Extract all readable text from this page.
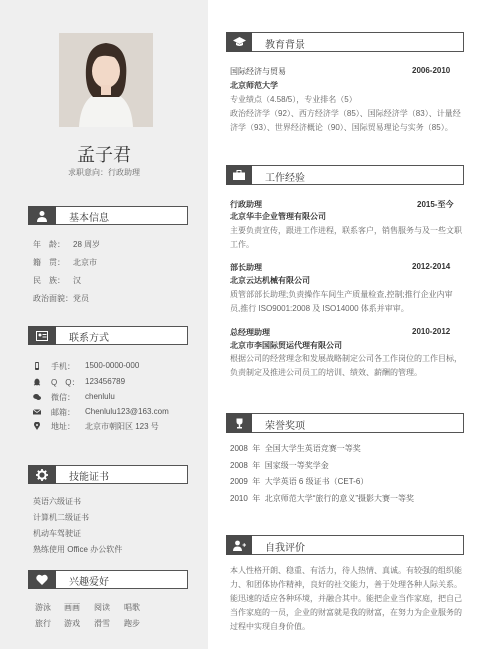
孟子君
求职意向：行政助理
基本信息
年　龄： 28 周岁
籍　贯： 北京市
民　族： 汉
政治面貌： 党员
联系方式
手机： 1500-0000-000
Q　Q： 123456789
微信： chenlulu
邮箱： Chenlulu123@163.com
地址： 北京市朝阳区 123 号
技能证书
英语六级证书
计算机二级证书
机动车驾驶证
熟练使用 Office 办公软件
兴趣爱好
游泳 画画 阅读 唱歌
旅行 游戏 滑雪 跑步
教育背景
国际经济与贸易	2006-2010
北京师范大学
专业绩点（4.58/5），专业排名（5）
政治经济学（92）、西方经济学（85）、国际经济学（83）、计量经济学（93）、世界经济概论（90）、国际贸易理论与实务（85）。
工作经验
行政助理	2015-至今
北京华丰企业管理有限公司
主要负责宣传，跟进工作进程，联系客户，销售服务与及一些文职工作。
部长助理	2012-2014
北京云达机械有限公司
质管部部长助理;负责操作车间生产质量检查,控制;推行企业内审员,推行 ISO9001:2008 及 ISO14000 体系并审审。
总经理助理	2010-2012
北京市李国际贸运代理有限公司
根据公司的经营理念和发展战略制定公司各工作岗位的工作目标，负责制定及推进公司员工的培训、绩效、薪酬的管理。
荣誉奖项
2008 年 全国大学生英语竞赛一等奖
2008 年 国家级一等奖学金
2009 年 大学英语 6 级证书（CET-6）
2010 年 北京师范大学“旅行的意义”摄影大赛一等奖
自我评价
本人性格开朗、稳重、有活力，待人热情、真诚。有较强的组织能力、和团体协作精神，良好的社交能力，善于处理各种人际关系。能迅速的适应各种环境，并融合其中。能把企业当作家庭，把自己当作家庭的一员，企业的财富就是我的财富，在努力为企业服务的过程中实现自身价值。
